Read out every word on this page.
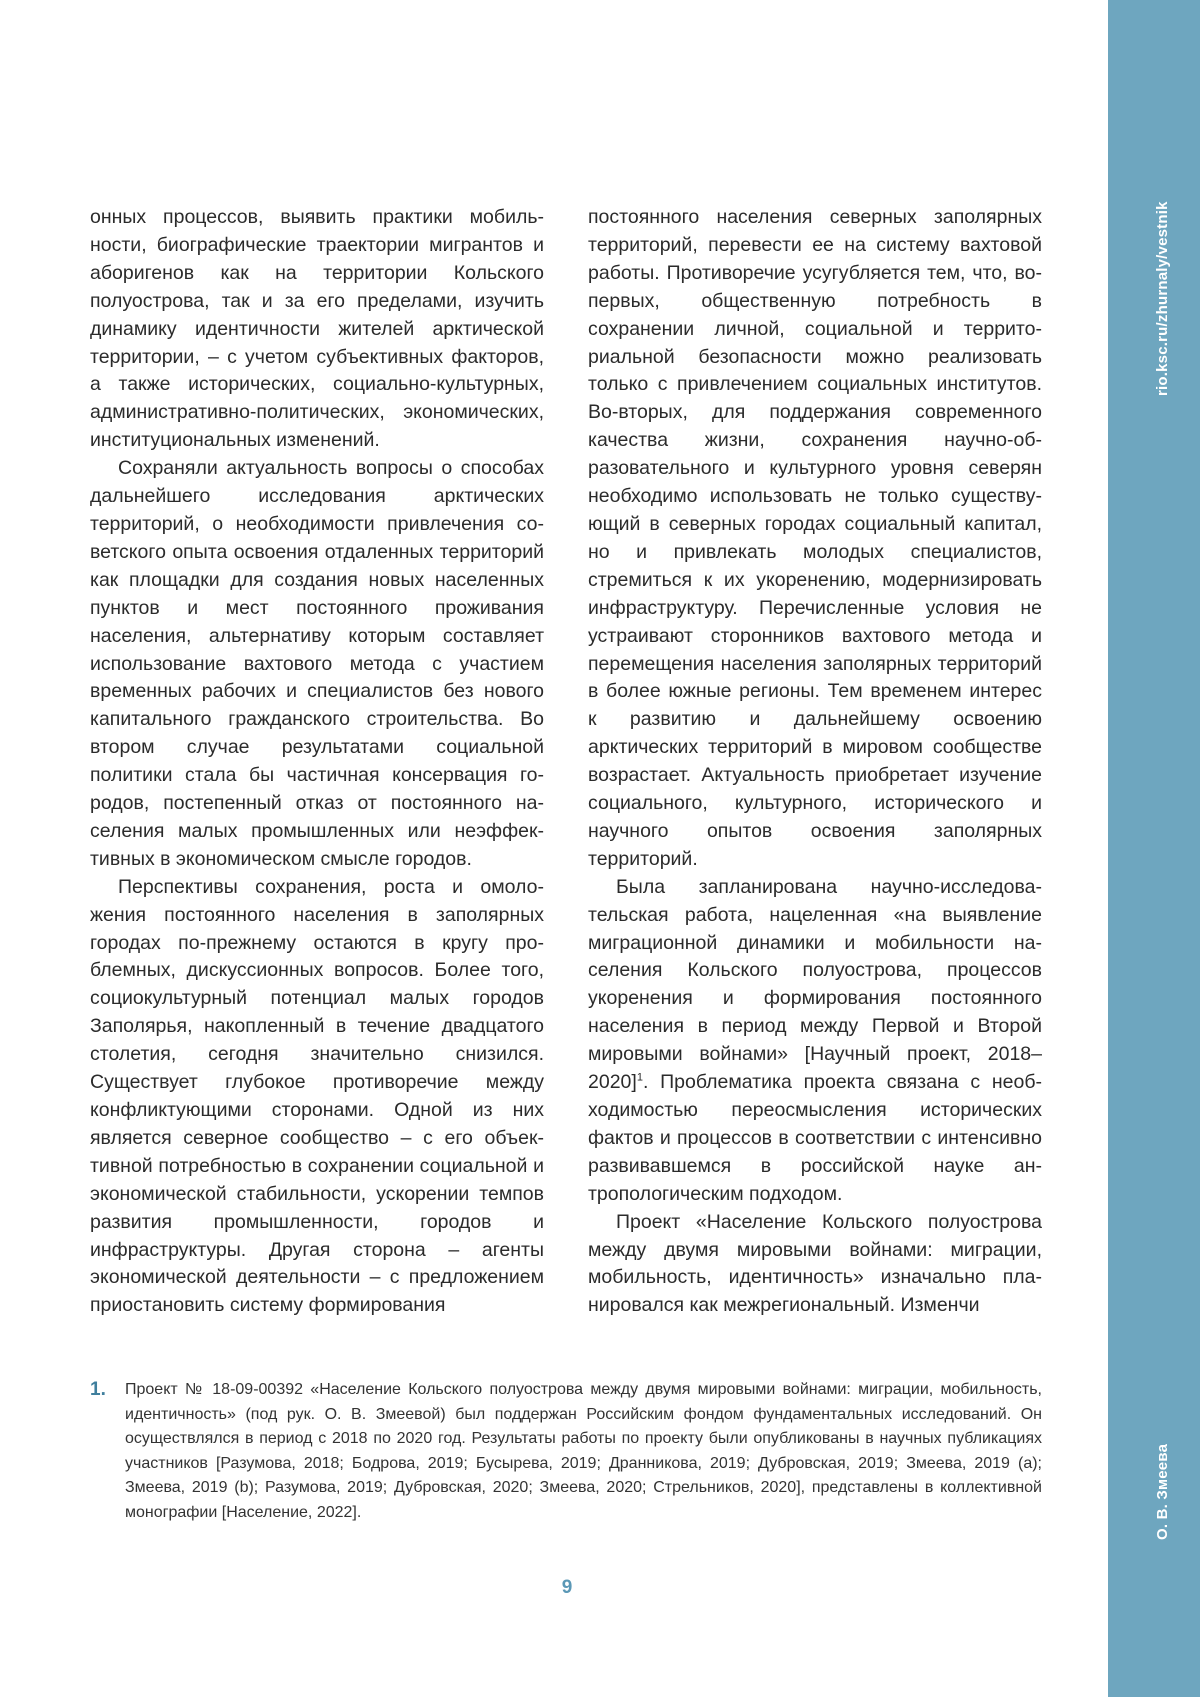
rio.ksc.ru/zhurnaly/vestnik
О. В. Змеева

онных процессов, выявить практики мобильности, биографические траектории мигрантов и аборигенов как на территории Кольского полуострова, так и за его пределами, изучить динамику идентичности жителей арктической территории, – с учетом субъективных факторов, а также исторических, социально-культурных, административно-политических, экономических, институциональных изменений.

Сохраняли актуальность вопросы о способах дальнейшего исследования арктических территорий, о необходимости привлечения советского опыта освоения отдаленных территорий как площадки для создания новых населенных пунктов и мест постоянного проживания населения, альтернативу которым составляет использование вахтового метода с участием временных рабочих и специалистов без нового капитального гражданского строительства. Во втором случае результатами социальной политики стала бы частичная консервация городов, постепенный отказ от постоянного населения малых промышленных или неэффективных в экономическом смысле городов.

Перспективы сохранения, роста и омоложения постоянного населения в заполярных городах по-прежнему остаются в кругу проблемных, дискуссионных вопросов. Более того, социокультурный потенциал малых городов Заполярья, накопленный в течение двадцатого столетия, сегодня значительно снизился. Существует глубокое противоречие между конфликтующими сторонами. Одной из них является северное сообщество – с его объективной потребностью в сохранении социальной и экономической стабильности, ускорении темпов развития промышленности, городов и инфраструктуры. Другая сторона – агенты экономической деятельности – с предложением приостановить систему формирования

постоянного населения северных заполярных территорий, перевести ее на систему вахтовой работы. Противоречие усугубляется тем, что, во-первых, общественную потребность в сохранении личной, социальной и территориальной безопасности можно реализовать только с привлечением социальных институтов. Во-вторых, для поддержания современного качества жизни, сохранения научно-образовательного и культурного уровня северян необходимо использовать не только существующий в северных городах социальный капитал, но и привлекать молодых специалистов, стремиться к их укоренению, модернизировать инфраструктуру. Перечисленные условия не устраивают сторонников вахтового метода и перемещения населения заполярных территорий в более южные регионы. Тем временем интерес к развитию и дальнейшему освоению арктических территорий в мировом сообществе возрастает. Актуальность приобретает изучение социального, культурного, исторического и научного опытов освоения заполярных территорий.

Была запланирована научно-исследовательская работа, нацеленная «на выявление миграционной динамики и мобильности населения Кольского полуострова, процессов укоренения и формирования постоянного населения в период между Первой и Второй мировыми войнами» [Научный проект, 2018–2020]$^1$. Проблематика проекта связана с необходимостью переосмысления исторических фактов и процессов в соответствии с интенсивно развивавшемся в российской науке антропологическим подходом.

Проект «Население Кольского полуострова между двумя мировыми войнами: миграции, мобильность, идентичность» изначально планировался как межрегиональный. Изменчи

1.	Проект № 18-09-00392 «Население Кольского полуострова между двумя мировыми войнами: миграции, мобильность, идентичность» (под рук. О. В. Змеевой) был поддержан Российским фондом фундаментальных исследований. Он осуществлялся в период с 2018 по 2020 год. Результаты работы по проекту были опубликованы в научных публикациях участников [Разумова, 2018; Бодрова, 2019; Бусырева, 2019; Дранникова, 2019; Дубровская, 2019; Змеева, 2019 (a); Змеева, 2019 (b); Разумова, 2019; Дубровская, 2020; Змеева, 2020; Стрельников, 2020], представлены в коллективной монографии [Население, 2022].
9
